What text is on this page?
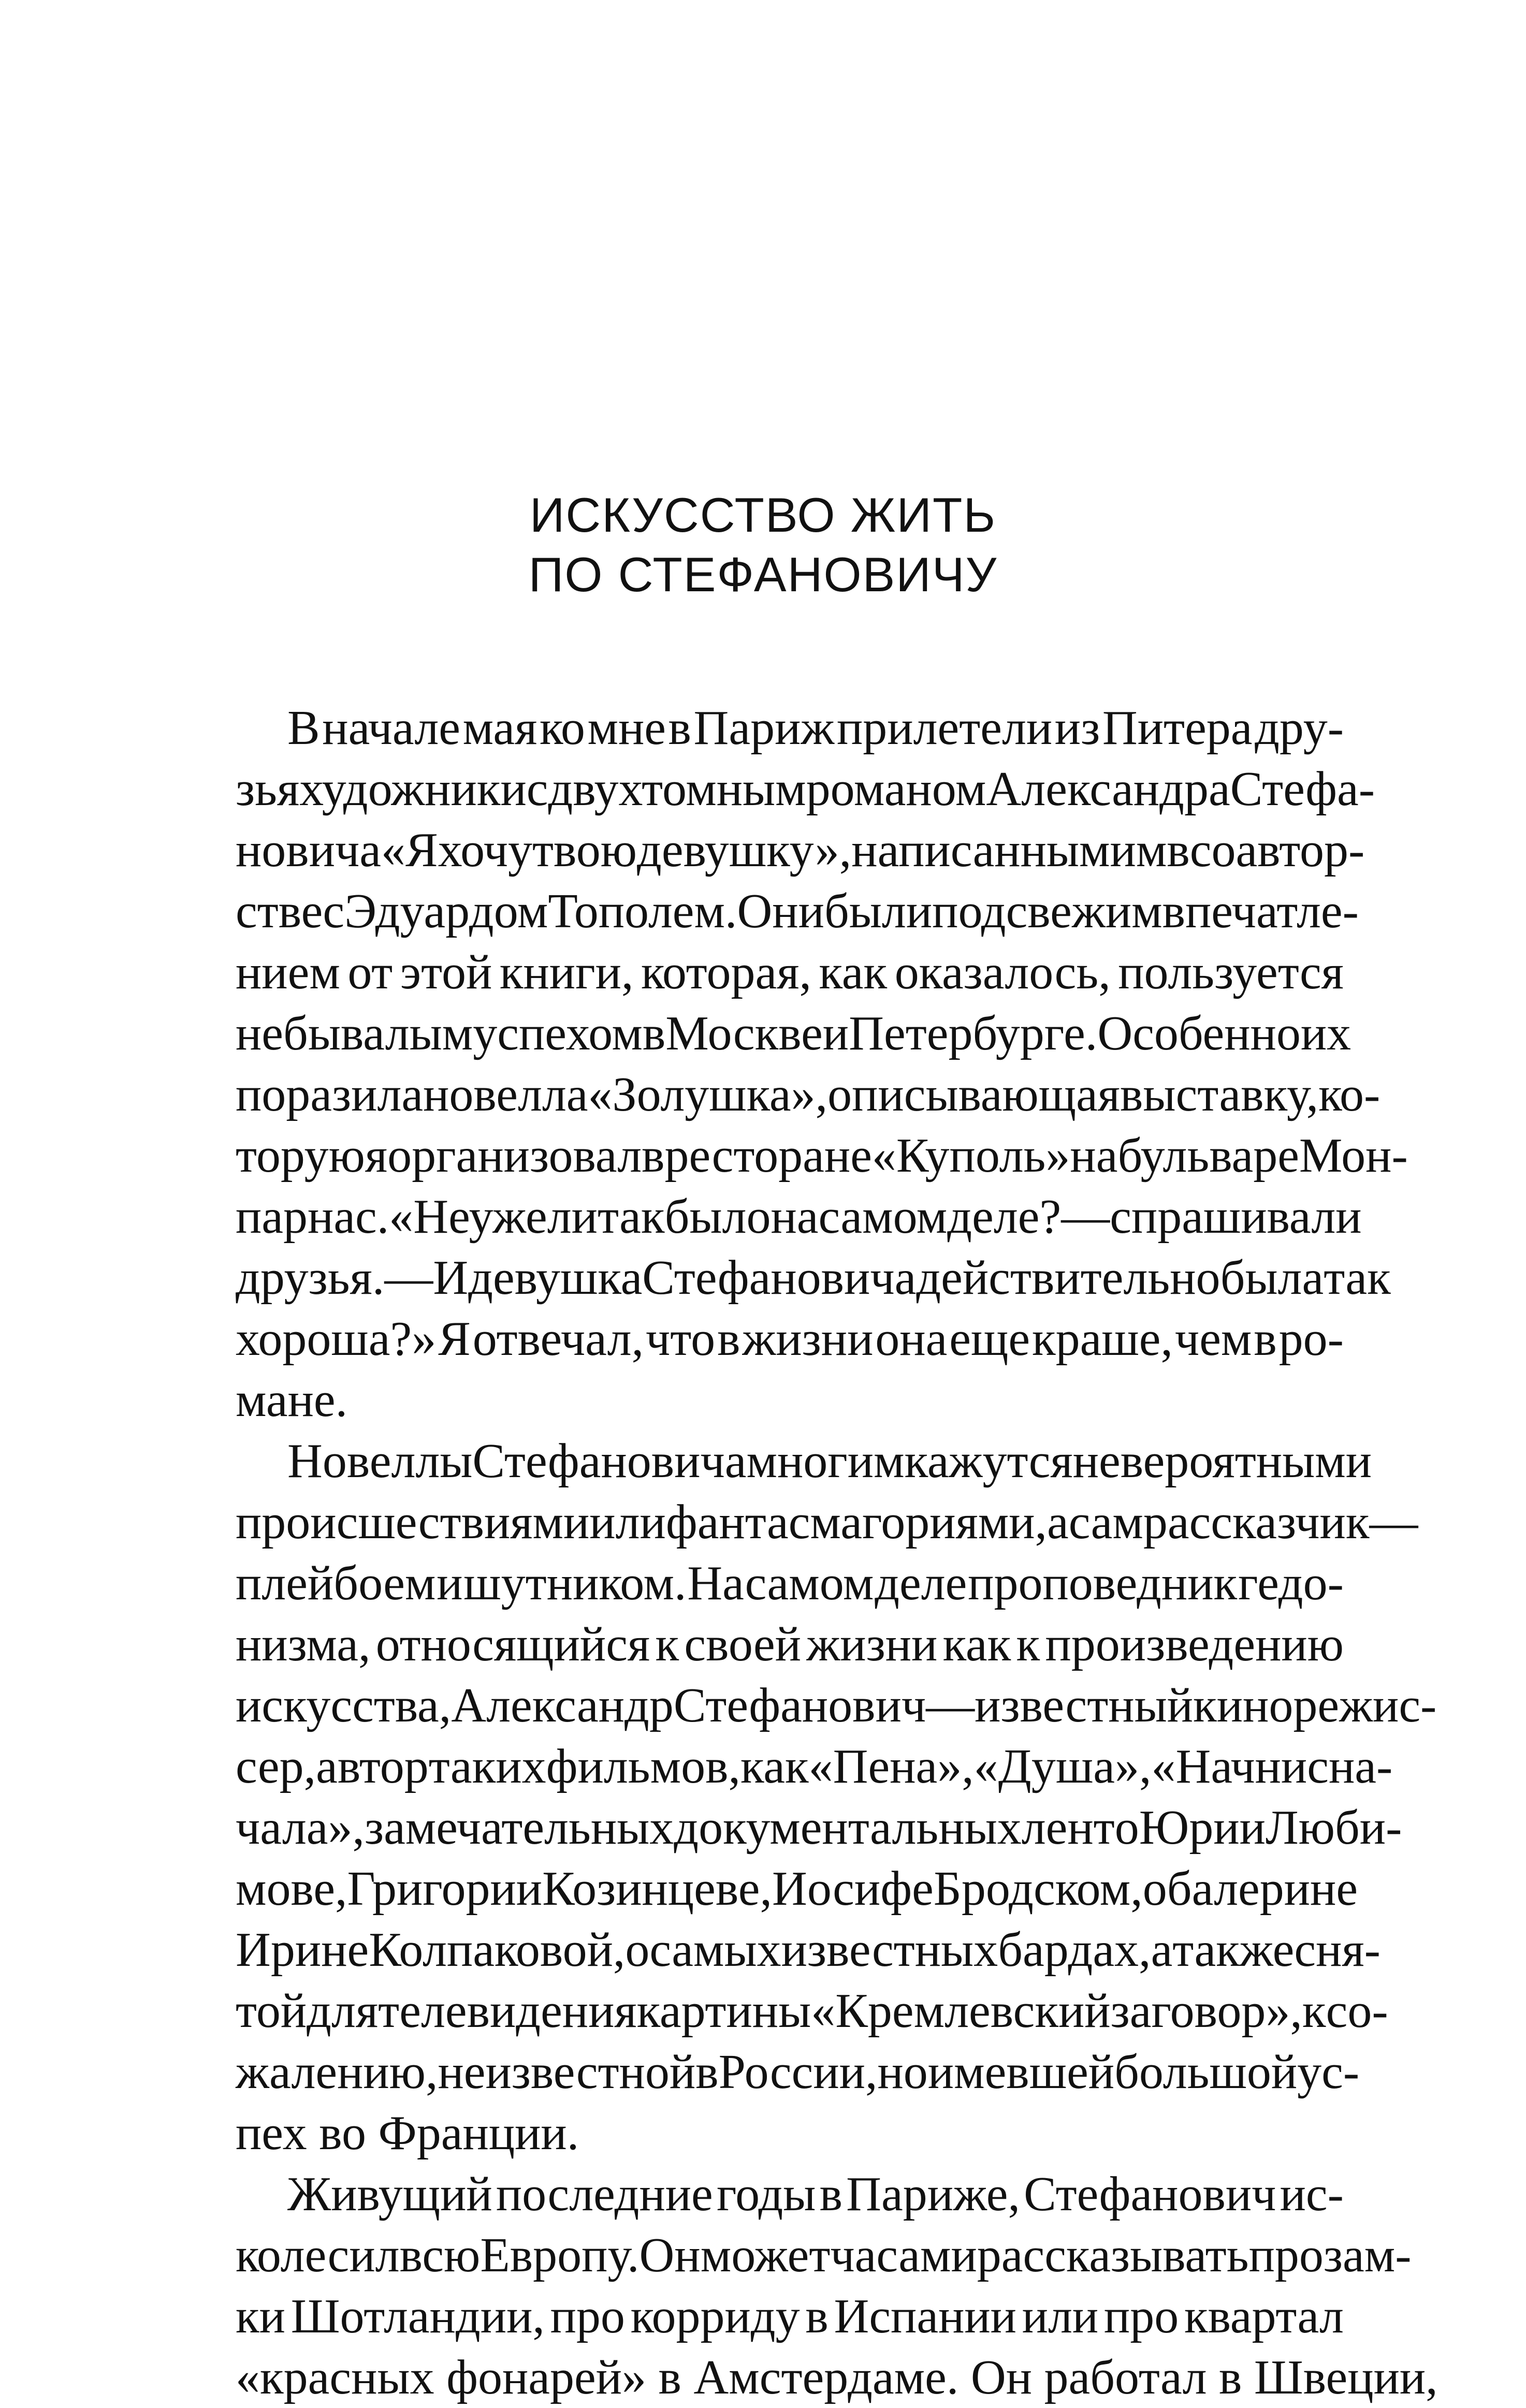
ИСКУССТВО ЖИТЬ
ПО СТЕФАНОВИЧУ
В начале мая ко мне в Париж прилетели из Питера дру-
зья художники с двухтомным романом Александра Стефа-
новича «Я хочу твою девушку», написанным им в соавтор-
стве с Эдуардом Тополем. Они были под свежим впечатле-
нием от этой книги, которая, как оказалось, пользуется
небывалым успехом в Москве и Петербурге. Особенно их
поразила новелла «Золушка», описывающая выставку, ко-
торую я организовал в ресторане «Куполь» на бульваре Мон-
парнас. «Неужели так было на самом деле? — спрашивали
друзья. — И девушка Стефановича действительно была так
хороша?» Я отвечал, что в жизни она еще краше, чем в ро-
мане.
Новеллы Стефановича многим кажутся невероятными
происшествиями или фантасмагориями, а сам рассказчик —
плейбоем и шутником. На самом деле проповедник гедо-
низма, относящийся к своей жизни как к произведению
искусства, Александр Стефанович — известный кинорежис-
сер, автор таких фильмов, как «Пена», «Душа», «Начни сна-
чала», замечательных документальных лент о Юрии Люби-
мове, Григории Козинцеве, Иосифе Бродском, о балерине
Ирине Колпаковой, о самых известных бардах, а также сня-
той для телевидения картины «Кремлевский заговор», к со-
жалению, неизвестной в России, но имевшей большой ус-
пех во Франции.
Живущий последние годы в Париже, Стефанович ис-
колесил всю Европу. Он может часами рассказывать про зам-
ки Шотландии, про корриду в Испании или про квартал
«красных фонарей» в Амстердаме. Он работал в Швеции,
